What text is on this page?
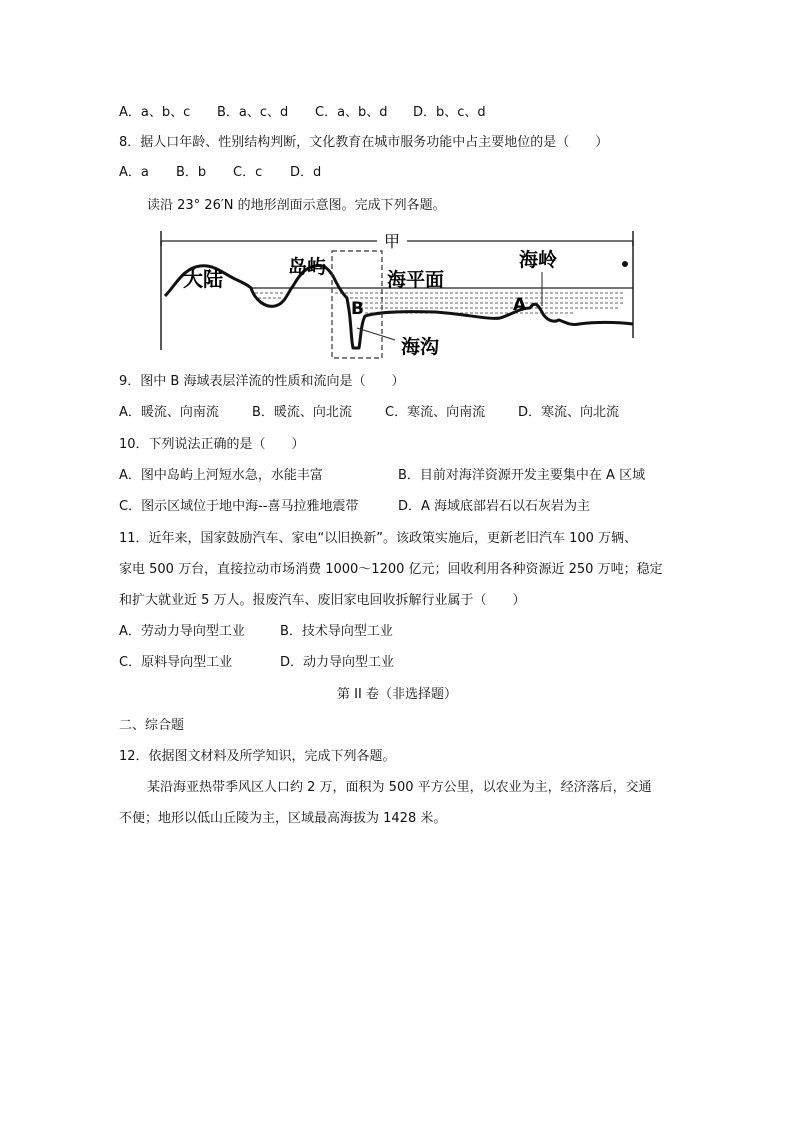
A．a、b、c B．a、c、d C．a、b、d D．b、c、d
8．据人口年龄、性别结构判断，文化教育在城市服务功能中占主要地位的是（　　）
A．a B．b C．c D．d
读沿 23° 26′N 的地形剖面示意图。完成下列各题。
甲
大陆	岛屿
海平面
海岭
海沟
A
B
9．图中 B 海域表层洋流的性质和流向是（　　）
A．暖流、向南流	B．暖流、向北流	C．寒流、向南流	D．寒流、向北流
10．下列说法正确的是（　　）
A．图中岛屿上河短水急，水能丰富	B．目前对海洋资源开发主要集中在 A 区域
C．图示区域位于地中海--喜马拉雅地震带	D．A 海域底部岩石以石灰岩为主
11．近年来，国家鼓励汽车、家电“以旧换新”。该政策实施后，更新老旧汽车 100 万辆、
家电 500 万台，直接拉动市场消费 1000～1200 亿元；回收利用各种资源近 250 万吨；稳定
和扩大就业近 5 万人。报废汽车、废旧家电回收拆解行业属于（　　）
A．劳动力导向型工业	B．技术导向型工业
C．原料导向型工业	D．动力导向型工业
第 II 卷（非选择题）
二、综合题
12．依据图文材料及所学知识，完成下列各题。
某沿海亚热带季风区人口约 2 万，面积为 500 平方公里，以农业为主，经济落后，交通
不便；地形以低山丘陵为主，区域最高海拔为 1428 米。
